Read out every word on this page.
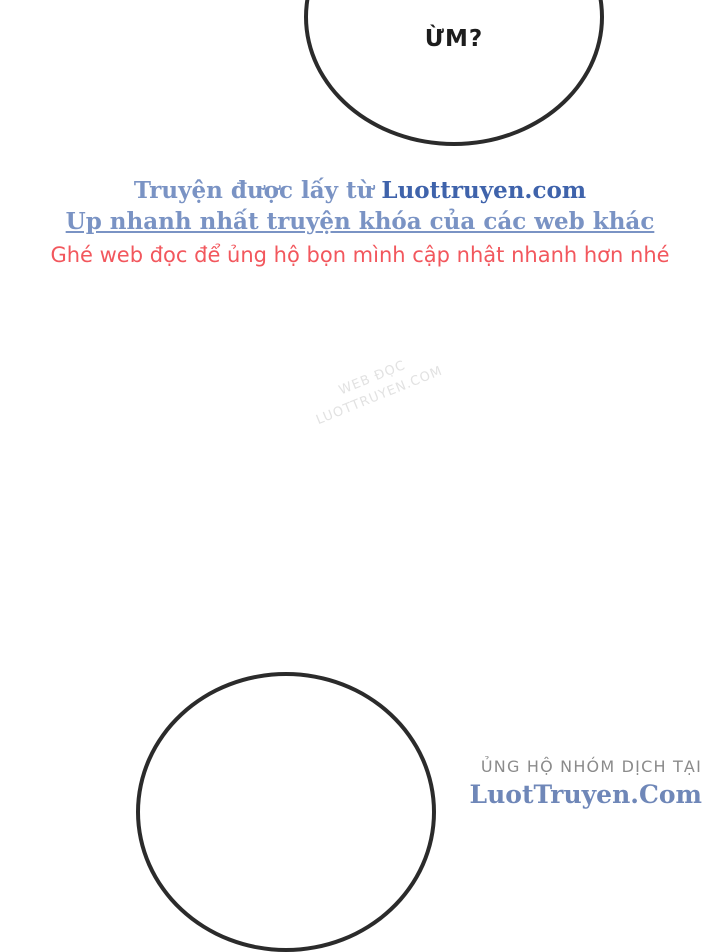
ỪM?
Truyện được lấy từ Luottruyen.com
Up nhanh nhất truyện khóa của các web khác
Ghé web đọc để ủng hộ bọn mình cập nhật nhanh hơn nhé
WEB ĐỌC LUOTTRUYEN.COM
ỦNG HỘ NHÓM DỊCH TẠI
LuotTruyen.Com
